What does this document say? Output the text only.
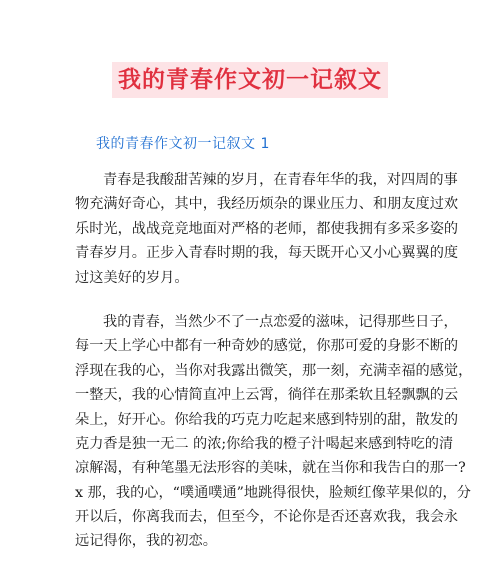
我的青春作文初一记叙文
我的青春作文初一记叙文 1
青春是我酸甜苦辣的岁月，在青春年华的我，对四周的事
物充满好奇心，其中，我经历烦杂的课业压力、和朋友度过欢
乐时光，战战竞竞地面对严格的老师，都使我拥有多采多姿的
青春岁月。正步入青春时期的我，每天既开心又小心翼翼的度
过这美好的岁月。
我的青春，当然少不了一点恋爱的滋味，记得那些日子，
每一天上学心中都有一种奇妙的感觉，你那可爱的身影不断的
浮现在我的心，当你对我露出微笑，那一刻，充满幸福的感觉，
一整天，我的心情简直冲上云霄，徜徉在那柔软且轻飘飘的云
朵上，好开心。你给我的巧克力吃起来感到特别的甜，散发的
克力香是独一无二 的浓;你给我的橙子汁喝起来感到特吃的清
凉解渴，有种笔墨无法形容的美味，就在当你和我告白的那一?
x 那，我的心，“噗通噗通”地跳得很快，脸颊红像苹果似的，分
开以后，你离我而去，但至今，不论你是否还喜欢我，我会永
远记得你，我的初恋。
